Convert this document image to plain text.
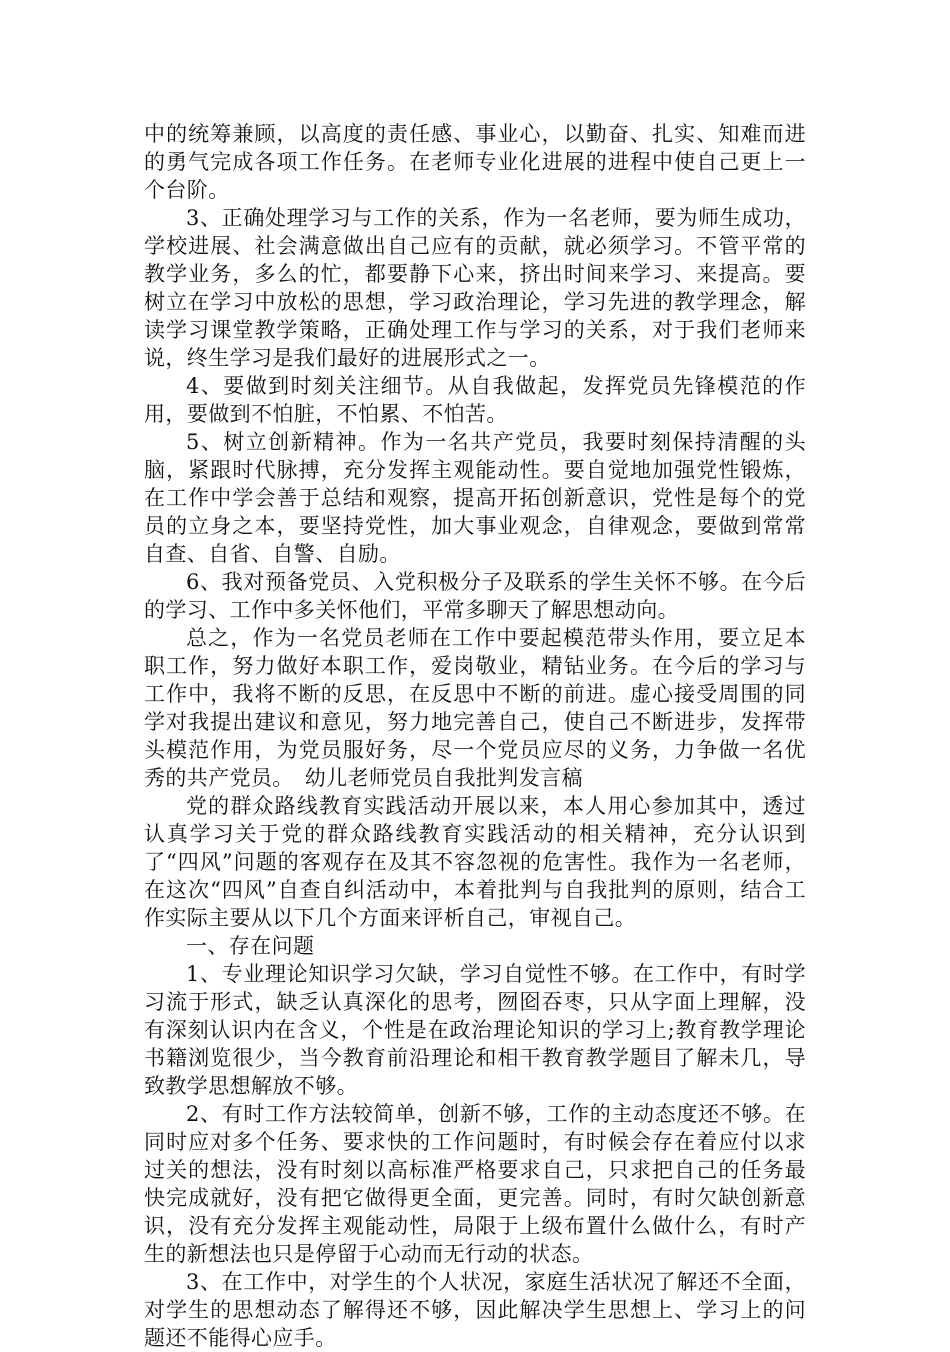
中的统筹兼顾，以高度的责任感、事业心，以勤奋、扎实、知难而进的勇气完成各项工作任务。在老师专业化进展的进程中使自己更上一个台阶。

3、正确处理学习与工作的关系，作为一名老师，要为师生成功，学校进展、社会满意做出自己应有的贡献，就必须学习。不管平常的教学业务，多么的忙，都要静下心来，挤出时间来学习、来提高。要树立在学习中放松的思想，学习政治理论，学习先进的教学理念，解读学习课堂教学策略，正确处理工作与学习的关系，对于我们老师来说，终生学习是我们最好的进展形式之一。

4、要做到时刻关注细节。从自我做起，发挥党员先锋模范的作用，要做到不怕脏，不怕累、不怕苦。

5、树立创新精神。作为一名共产党员，我要时刻保持清醒的头脑，紧跟时代脉搏，充分发挥主观能动性。要自觉地加强党性锻炼，在工作中学会善于总结和观察，提高开拓创新意识，党性是每个的党员的立身之本，要坚持党性，加大事业观念，自律观念，要做到常常自查、自省、自警、自励。

6、我对预备党员、入党积极分子及联系的学生关怀不够。在今后的学习、工作中多关怀他们，平常多聊天了解思想动向。

总之，作为一名党员老师在工作中要起模范带头作用，要立足本职工作，努力做好本职工作，爱岗敬业，精钻业务。在今后的学习与工作中，我将不断的反思，在反思中不断的前进。虚心接受周围的同学对我提出建议和意见，努力地完善自己，使自己不断进步，发挥带头模范作用，为党员服好务，尽一个党员应尽的义务，力争做一名优秀的共产党员。　幼儿老师党员自我批判发言稿

党的群众路线教育实践活动开展以来，本人用心参加其中，透过认真学习关于党的群众路线教育实践活动的相关精神，充分认识到了“四风”问题的客观存在及其不容忽视的危害性。我作为一名老师，在这次“四风”自查自纠活动中，本着批判与自我批判的原则，结合工作实际主要从以下几个方面来评析自己，审视自己。

一、存在问题

1、专业理论知识学习欠缺，学习自觉性不够。在工作中，有时学习流于形式，缺乏认真深化的思考，囫囵吞枣，只从字面上理解，没有深刻认识内在含义，个性是在政治理论知识的学习上;教育教学理论书籍浏览很少，当今教育前沿理论和相干教育教学题目了解未几，导致教学思想解放不够。

2、有时工作方法较简单，创新不够，工作的主动态度还不够。在同时应对多个任务、要求快的工作问题时，有时候会存在着应付以求过关的想法，没有时刻以高标准严格要求自己，只求把自己的任务最快完成就好，没有把它做得更全面，更完善。同时，有时欠缺创新意识，没有充分发挥主观能动性，局限于上级布置什么做什么，有时产生的新想法也只是停留于心动而无行动的状态。

3、在工作中，对学生的个人状况，家庭生活状况了解还不全面，对学生的思想动态了解得还不够，因此解决学生思想上、学习上的问题还不能得心应手。
